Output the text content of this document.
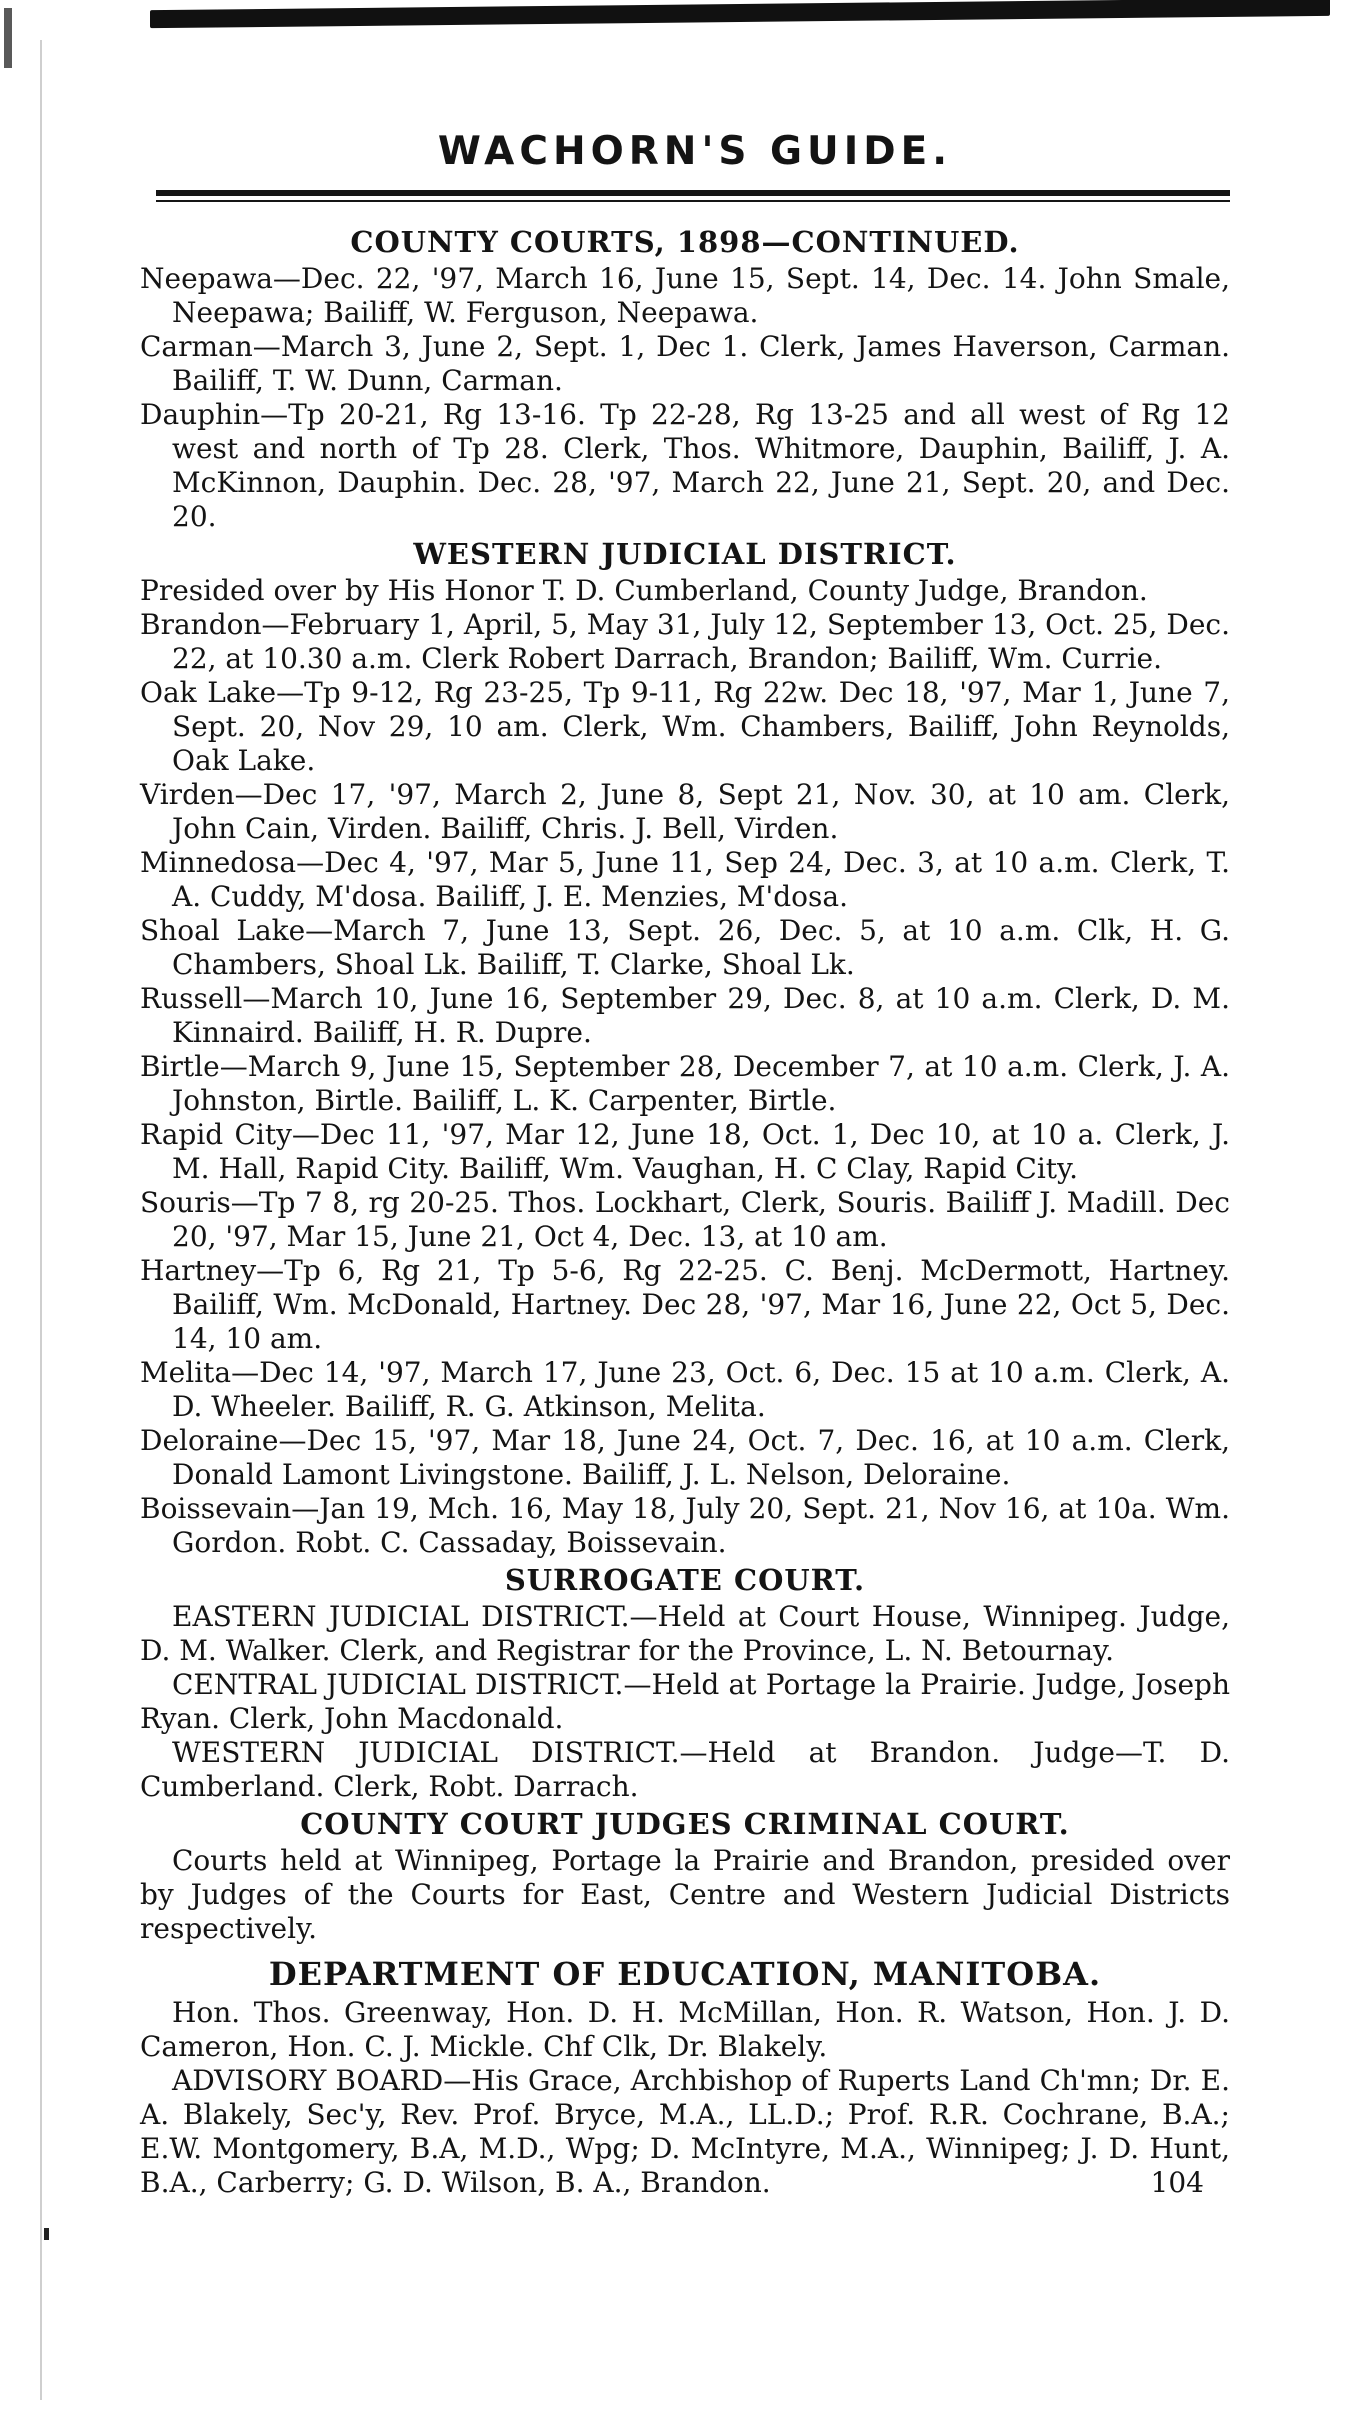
WACHORN'S GUIDE.
COUNTY COURTS, 1898—CONTINUED.

Neepawa—Dec. 22, '97, March 16, June 15, Sept. 14, Dec. 14. John Smale, Neepawa; Bailiff, W. Ferguson, Neepawa.

Carman—March 3, June 2, Sept. 1, Dec 1. Clerk, James Haverson, Carman. Bailiff, T. W. Dunn, Carman.

Dauphin—Tp 20-21, Rg 13-16. Tp 22-28, Rg 13-25 and all west of Rg 12 west and north of Tp 28. Clerk, Thos. Whitmore, Dauphin, Bailiff, J. A. McKinnon, Dauphin. Dec. 28, '97, March 22, June 21, Sept. 20, and Dec. 20.

WESTERN JUDICIAL DISTRICT.

Presided over by His Honor T. D. Cumberland, County Judge, Brandon.

Brandon—February 1, April, 5, May 31, July 12, September 13, Oct. 25, Dec. 22, at 10.30 a.m. Clerk Robert Darrach, Brandon; Bailiff, Wm. Currie.

Oak Lake—Tp 9-12, Rg 23-25, Tp 9-11, Rg 22w. Dec 18, '97, Mar 1, June 7, Sept. 20, Nov 29, 10 am. Clerk, Wm. Chambers, Bailiff, John Reynolds, Oak Lake.

Virden—Dec 17, '97, March 2, June 8, Sept 21, Nov. 30, at 10 am. Clerk, John Cain, Virden. Bailiff, Chris. J. Bell, Virden.

Minnedosa—Dec 4, '97, Mar 5, June 11, Sep 24, Dec. 3, at 10 a.m. Clerk, T. A. Cuddy, M'dosa. Bailiff, J. E. Menzies, M'dosa.

Shoal Lake—March 7, June 13, Sept. 26, Dec. 5, at 10 a.m. Clk, H. G. Chambers, Shoal Lk. Bailiff, T. Clarke, Shoal Lk.

Russell—March 10, June 16, September 29, Dec. 8, at 10 a.m. Clerk, D. M. Kinnaird. Bailiff, H. R. Dupre.

Birtle—March 9, June 15, September 28, December 7, at 10 a.m. Clerk, J. A. Johnston, Birtle. Bailiff, L. K. Carpenter, Birtle.

Rapid City—Dec 11, '97, Mar 12, June 18, Oct. 1, Dec 10, at 10 a. Clerk, J. M. Hall, Rapid City. Bailiff, Wm. Vaughan, H. C Clay, Rapid City.

Souris—Tp 7 8, rg 20-25. Thos. Lockhart, Clerk, Souris. Bailiff J. Madill. Dec 20, '97, Mar 15, June 21, Oct 4, Dec. 13, at 10 am.

Hartney—Tp 6, Rg 21, Tp 5-6, Rg 22-25. C. Benj. McDermott, Hartney. Bailiff, Wm. McDonald, Hartney. Dec 28, '97, Mar 16, June 22, Oct 5, Dec. 14, 10 am.

Melita—Dec 14, '97, March 17, June 23, Oct. 6, Dec. 15 at 10 a.m. Clerk, A. D. Wheeler. Bailiff, R. G. Atkinson, Melita.

Deloraine—Dec 15, '97, Mar 18, June 24, Oct. 7, Dec. 16, at 10 a.m. Clerk, Donald Lamont Livingstone. Bailiff, J. L. Nelson, Deloraine.

Boissevain—Jan 19, Mch. 16, May 18, July 20, Sept. 21, Nov 16, at 10a. Wm. Gordon. Robt. C. Cassaday, Boissevain.

SURROGATE COURT.

EASTERN JUDICIAL DISTRICT.—Held at Court House, Winnipeg. Judge, D. M. Walker. Clerk, and Registrar for the Province, L. N. Betournay.

CENTRAL JUDICIAL DISTRICT.—Held at Portage la Prairie. Judge, Joseph Ryan. Clerk, John Macdonald.

WESTERN JUDICIAL DISTRICT.—Held at Brandon. Judge—T. D. Cumberland. Clerk, Robt. Darrach.

COUNTY COURT JUDGES CRIMINAL COURT.

Courts held at Winnipeg, Portage la Prairie and Brandon, presided over by Judges of the Courts for East, Centre and Western Judicial Districts respectively.

DEPARTMENT OF EDUCATION, MANITOBA.

Hon. Thos. Greenway, Hon. D. H. McMillan, Hon. R. Watson, Hon. J. D. Cameron, Hon. C. J. Mickle. Chf Clk, Dr. Blakely.

ADVISORY BOARD—His Grace, Archbishop of Ruperts Land Ch'mn; Dr. E. A. Blakely, Sec'y, Rev. Prof. Bryce, M.A., LL.D.; Prof. R.R. Cochrane, B.A.; E.W. Montgomery, B.A, M.D., Wpg; D. McIntyre, M.A., Winnipeg; J. D. Hunt, B.A., Carberry; G. D. Wilson, B. A., Brandon.	104
